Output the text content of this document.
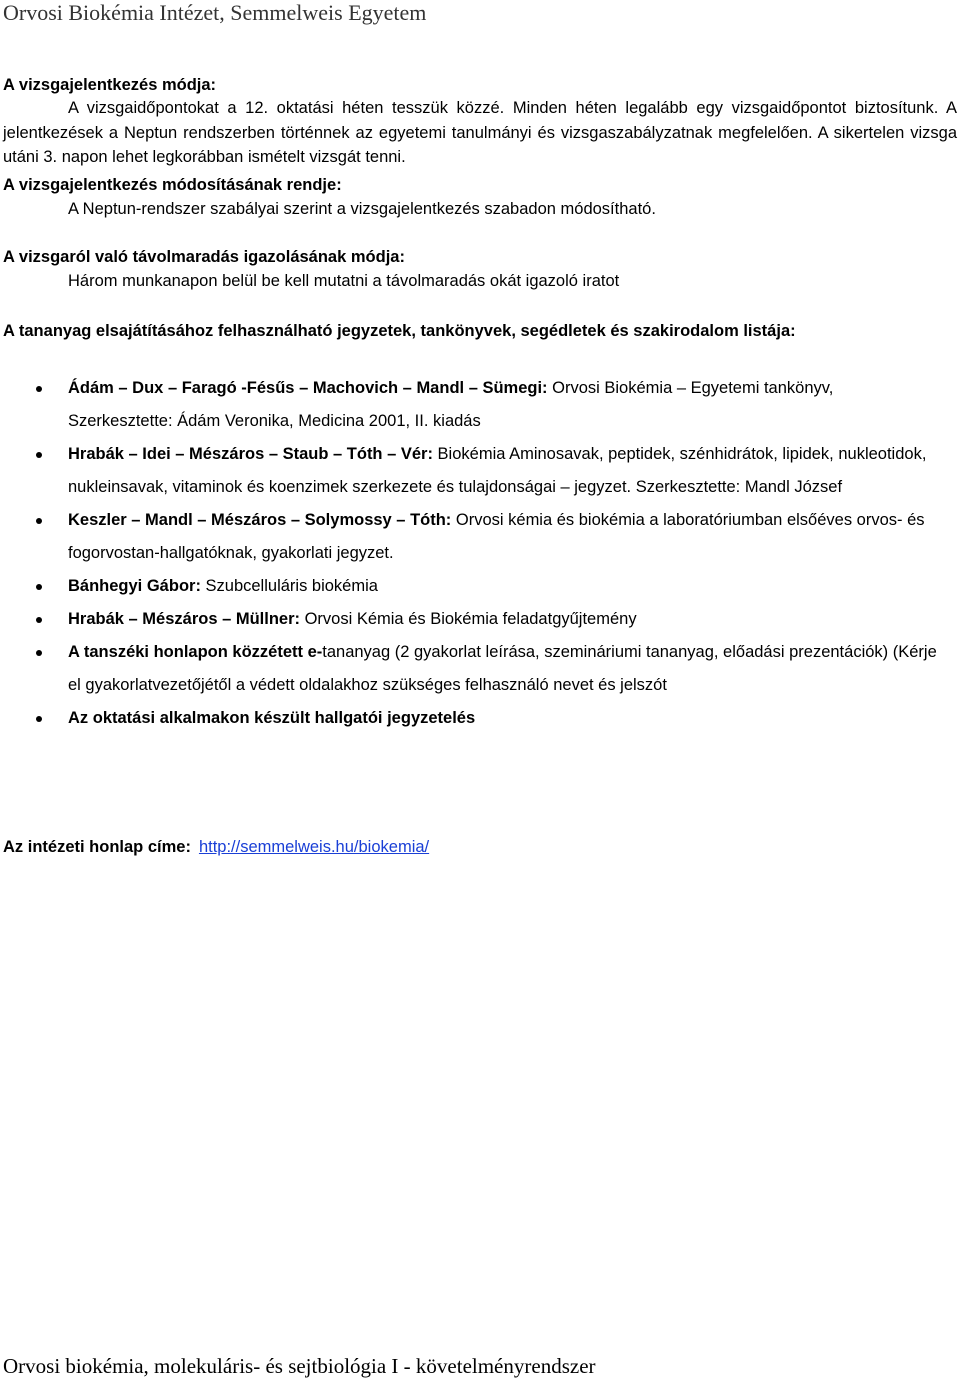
Orvosi Biokémia Intézet, Semmelweis Egyetem
A vizsgajelentkezés módja:
A vizsgaidőpontokat a 12. oktatási héten tesszük közzé. Minden héten legalább egy vizsgaidőpontot biztosítunk. A jelentkezések a Neptun rendszerben történnek az egyetemi tanulmányi és vizsgaszabályzatnak megfelelően. A sikertelen vizsga utáni 3. napon lehet legkorábban ismételt vizsgát tenni.
A vizsgajelentkezés módosításának rendje:
A Neptun-rendszer szabályai szerint a vizsgajelentkezés szabadon módosítható.
A vizsgaról való távolmaradás igazolásának módja:
Három munkanapon belül be kell mutatni a távolmaradás okát igazoló iratot
A tananyag elsajátításához felhasználható jegyzetek, tankönyvek, segédletek és szakirodalom listája:
Ádám – Dux – Faragó -Fésűs – Machovich – Mandl – Sümegi: Orvosi Biokémia – Egyetemi tankönyv, Szerkesztette: Ádám Veronika, Medicina 2001, II. kiadás
Hrabák – Idei – Mészáros – Staub – Tóth – Vér: Biokémia Aminosavak, peptidek, szénhidrátok, lipidek, nukleotidok, nukleinsavak, vitaminok és koenzimek szerkezete és tulajdonságai – jegyzet. Szerkesztette: Mandl József
Keszler – Mandl – Mészáros – Solymossy – Tóth: Orvosi kémia és biokémia a laboratóriumban elsőéves orvos- és fogorvostan-hallgatóknak, gyakorlati jegyzet.
Bánhegyi Gábor: Szubcelluláris biokémia
Hrabák – Mészáros – Müllner: Orvosi Kémia és Biokémia feladatgyűjtemény
A tanszéki honlapon közzétett e-tananyag (2 gyakorlat leírása, szemináriumi tananyag, előadási prezentációk) (Kérje el gyakorlatvezetőjétől a védett oldalakhoz szükséges felhasználó nevet és jelszót
Az oktatási alkalmakon készült hallgatói jegyzetelés
Az intézeti honlap címe: http://semmelweis.hu/biokemia/
Orvosi biokémia, molekuláris- és sejtbiológia I - követelményrendszer
